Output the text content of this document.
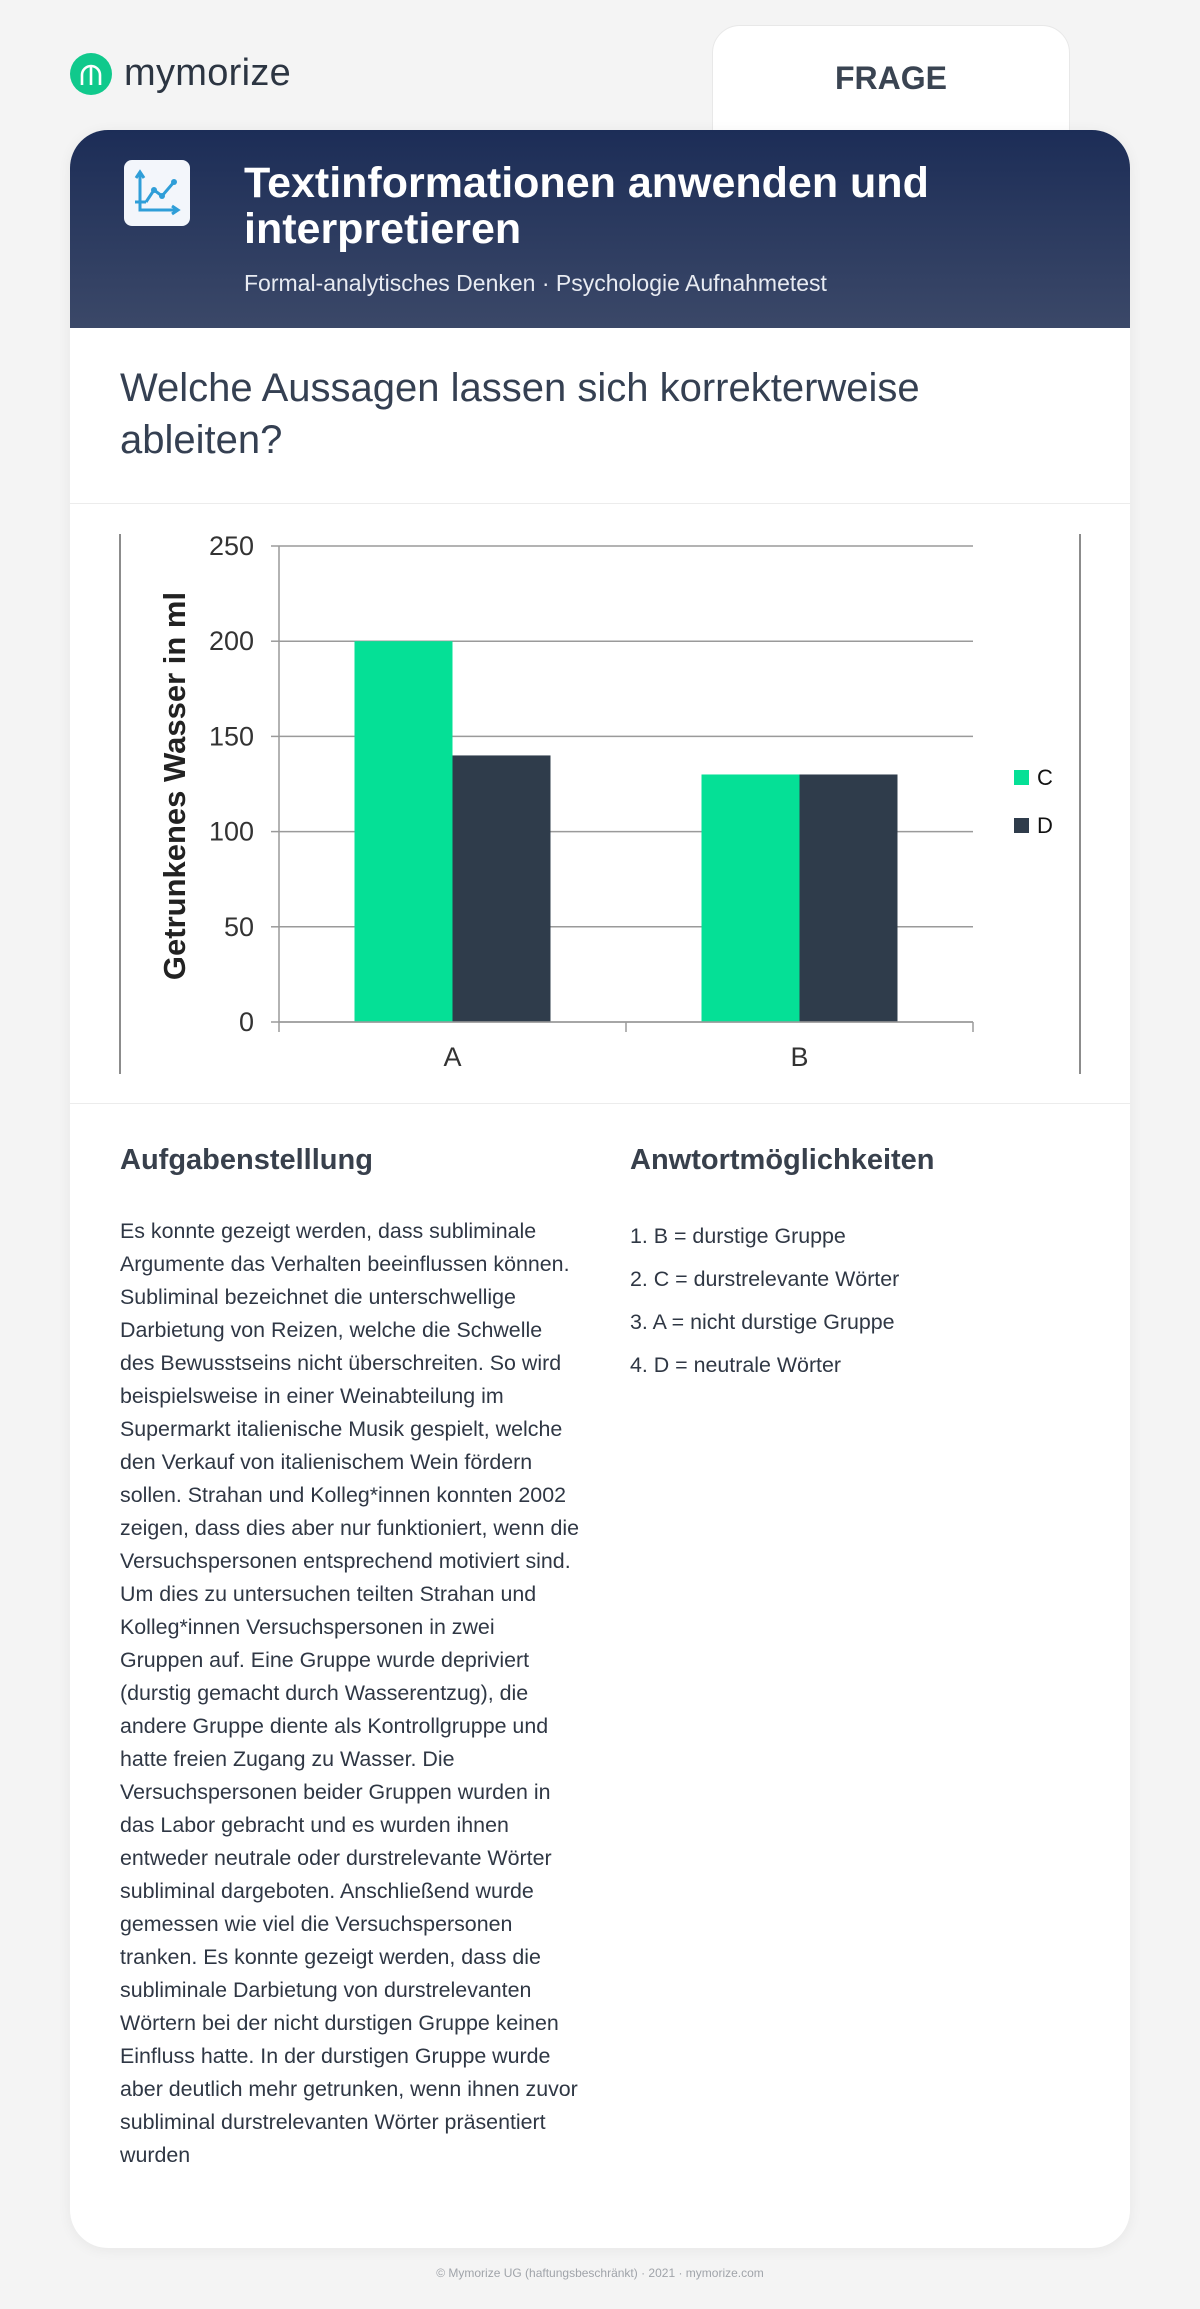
mymorize	FRAGE
Textinformationen anwenden und interpretieren
Formal-analytisches Denken · Psychologie Aufnahmetest
Welche Aussagen lassen sich korrekterweise ableiten?
0
50
100
150
200
250
A	B
Getrunkenes Wasser in ml	C
D
Aufgabenstelllung
Es konnte gezeigt werden, dass subliminale Argumente das Verhalten beeinflussen können. Subliminal bezeichnet die unterschwellige Darbietung von Reizen, welche die Schwelle des Bewusstseins nicht überschreiten. So wird beispielsweise in einer Weinabteilung im Supermarkt italienische Musik gespielt, welche den Verkauf von italienischem Wein fördern sollen. Strahan und Kolleg*innen konnten 2002 zeigen, dass dies aber nur funktioniert, wenn die Versuchspersonen entsprechend motiviert sind. Um dies zu untersuchen teilten Strahan und Kolleg*innen Versuchspersonen in zwei Gruppen auf. Eine Gruppe wurde depriviert (durstig gemacht durch Wasserentzug), die andere Gruppe diente als Kontrollgruppe und hatte freien Zugang zu Wasser. Die Versuchspersonen beider Gruppen wurden in das Labor gebracht und es wurden ihnen entweder neutrale oder durstrelevante Wörter subliminal dargeboten. Anschließend wurde gemessen wie viel die Versuchspersonen tranken. Es konnte gezeigt werden, dass die subliminale Darbietung von durstrelevanten Wörtern bei der nicht durstigen Gruppe keinen Einfluss hatte. In der durstigen Gruppe wurde aber deutlich mehr getrunken, wenn ihnen zuvor subliminal durstrelevanten Wörter präsentiert wurden
Anwtortmöglichkeiten
1. B = durstige Gruppe
2. C = durstrelevante Wörter
3. A = nicht durstige Gruppe
4. D = neutrale Wörter
© Mymorize UG (haftungsbeschränkt) · 2021 · mymorize.com
